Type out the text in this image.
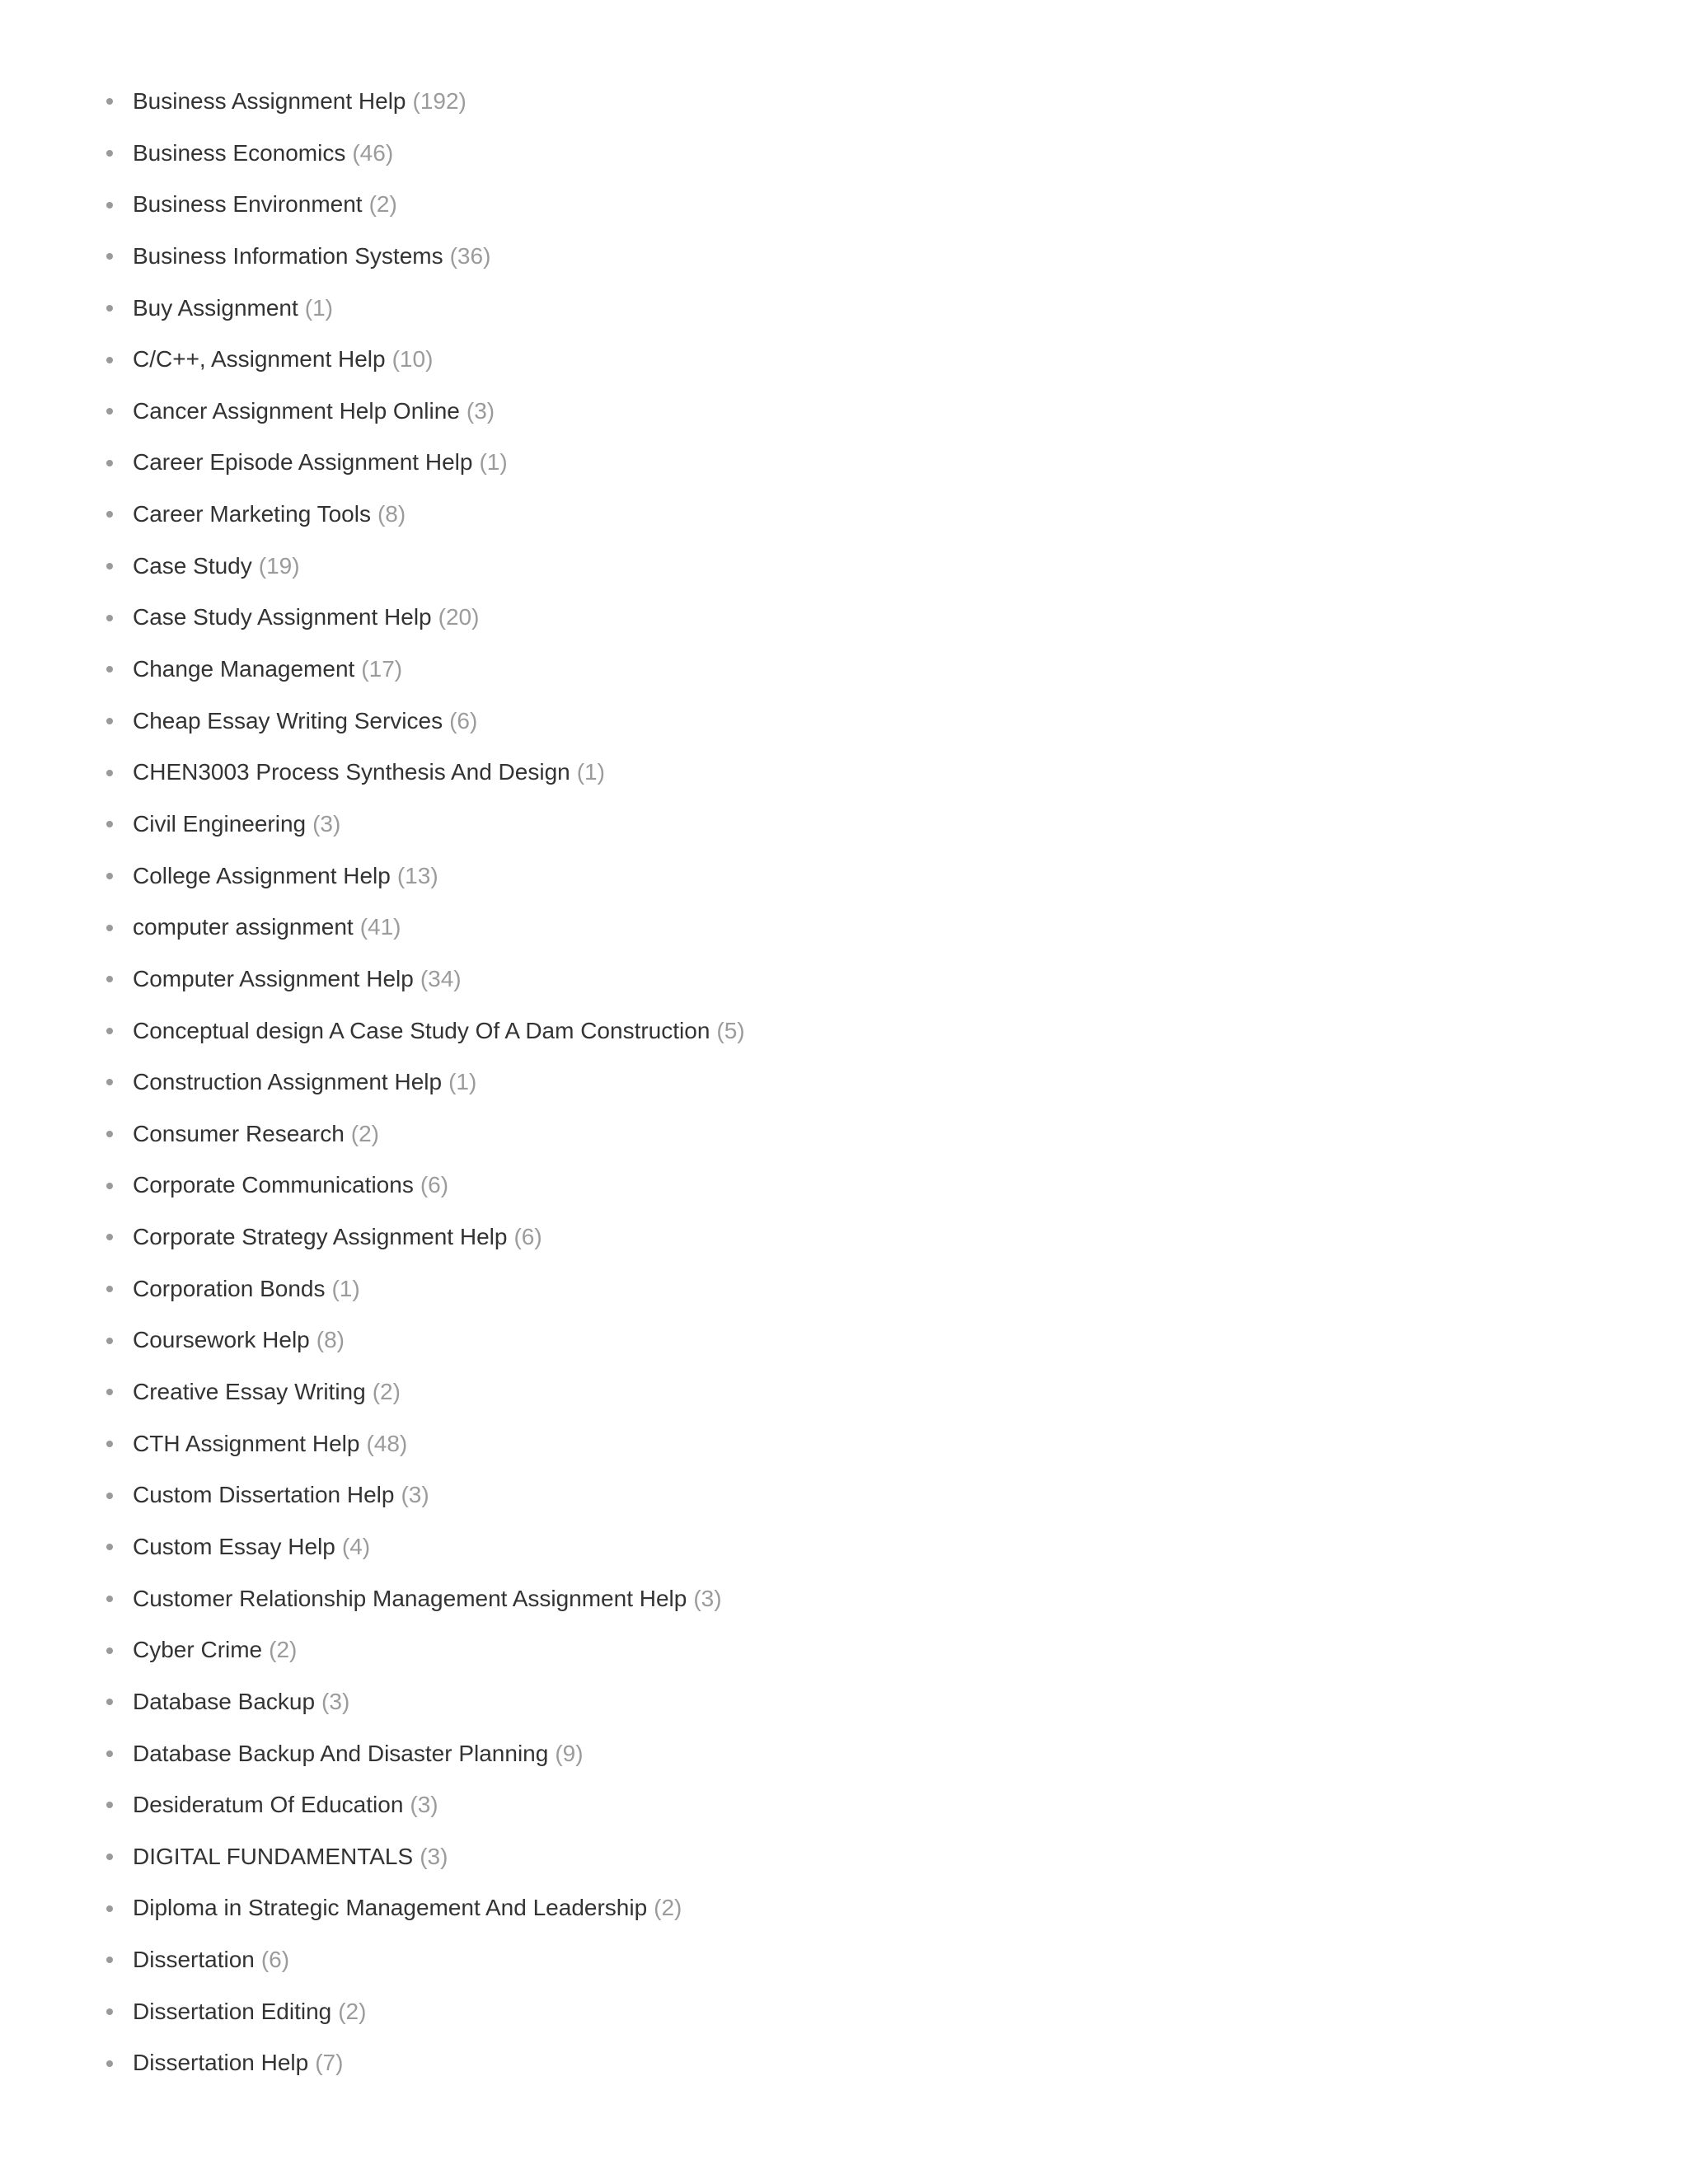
Business Assignment Help (192)
Business Economics (46)
Business Environment (2)
Business Information Systems (36)
Buy Assignment (1)
C/C++, Assignment Help (10)
Cancer Assignment Help Online (3)
Career Episode Assignment Help (1)
Career Marketing Tools (8)
Case Study (19)
Case Study Assignment Help (20)
Change Management (17)
Cheap Essay Writing Services (6)
CHEN3003 Process Synthesis And Design (1)
Civil Engineering (3)
College Assignment Help (13)
computer assignment (41)
Computer Assignment Help (34)
Conceptual design A Case Study Of A Dam Construction (5)
Construction Assignment Help (1)
Consumer Research (2)
Corporate Communications (6)
Corporate Strategy Assignment Help (6)
Corporation Bonds (1)
Coursework Help (8)
Creative Essay Writing (2)
CTH Assignment Help (48)
Custom Dissertation Help (3)
Custom Essay Help (4)
Customer Relationship Management Assignment Help (3)
Cyber Crime (2)
Database Backup (3)
Database Backup And Disaster Planning (9)
Desideratum Of Education (3)
DIGITAL FUNDAMENTALS (3)
Diploma in Strategic Management And Leadership (2)
Dissertation (6)
Dissertation Editing (2)
Dissertation Help (7)
